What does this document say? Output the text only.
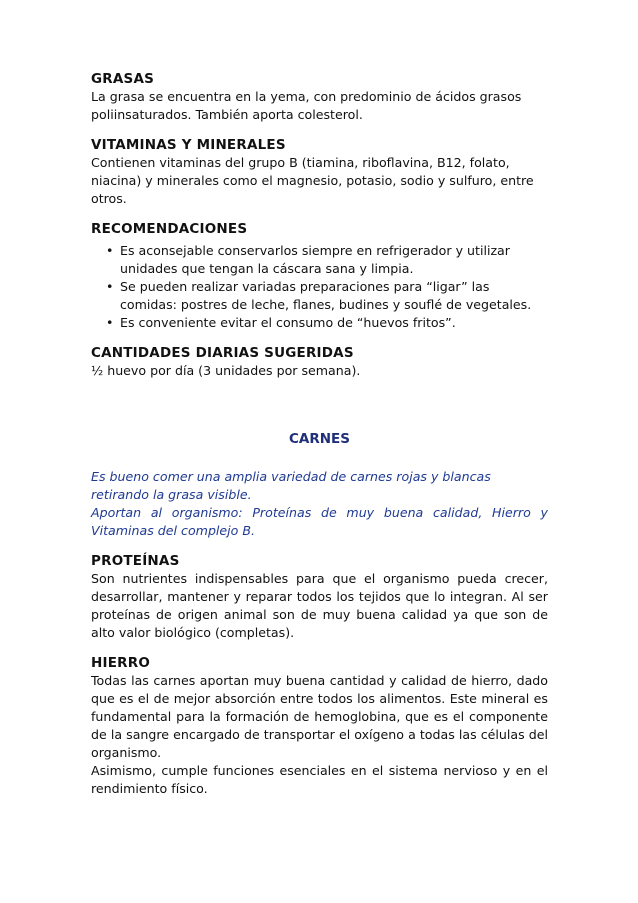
GRASAS

La grasa se encuentra en la yema, con predominio de ácidos grasos poliinsaturados. También aporta colesterol.

VITAMINAS Y MINERALES

Contienen vitaminas del grupo B (tiamina, riboflavina, B12, folato, niacina) y minerales como el magnesio, potasio, sodio y sulfuro, entre otros.

RECOMENDACIONES
• Es aconsejable conservarlos siempre en refrigerador y utilizar unidades que tengan la cáscara sana y limpia.
• Se pueden realizar variadas preparaciones para “ligar” las comidas: postres de leche, flanes, budines y souflé de vegetales.
• Es conveniente evitar el consumo de “huevos fritos”.
CANTIDADES DIARIAS SUGERIDAS

½ huevo por día (3 unidades por semana).

CARNES

Es bueno comer una amplia variedad de carnes rojas y blancas retirando la grasa visible.

Aportan al organismo: Proteínas de muy buena calidad, Hierro y Vitaminas del complejo B.

PROTEÍNAS

Son nutrientes indispensables para que el organismo pueda crecer, desarrollar, mantener y reparar todos los tejidos que lo integran. Al ser proteínas de origen animal son de muy buena calidad ya que son de alto valor biológico (completas).

HIERRO

Todas las carnes aportan muy buena cantidad y calidad de hierro, dado que es el de mejor absorción entre todos los alimentos. Este mineral es fundamental para la formación de hemoglobina, que es el componente de la sangre encargado de transportar el oxígeno a todas las células del organismo.

Asimismo, cumple funciones esenciales en el sistema nervioso y en el rendimiento físico.
